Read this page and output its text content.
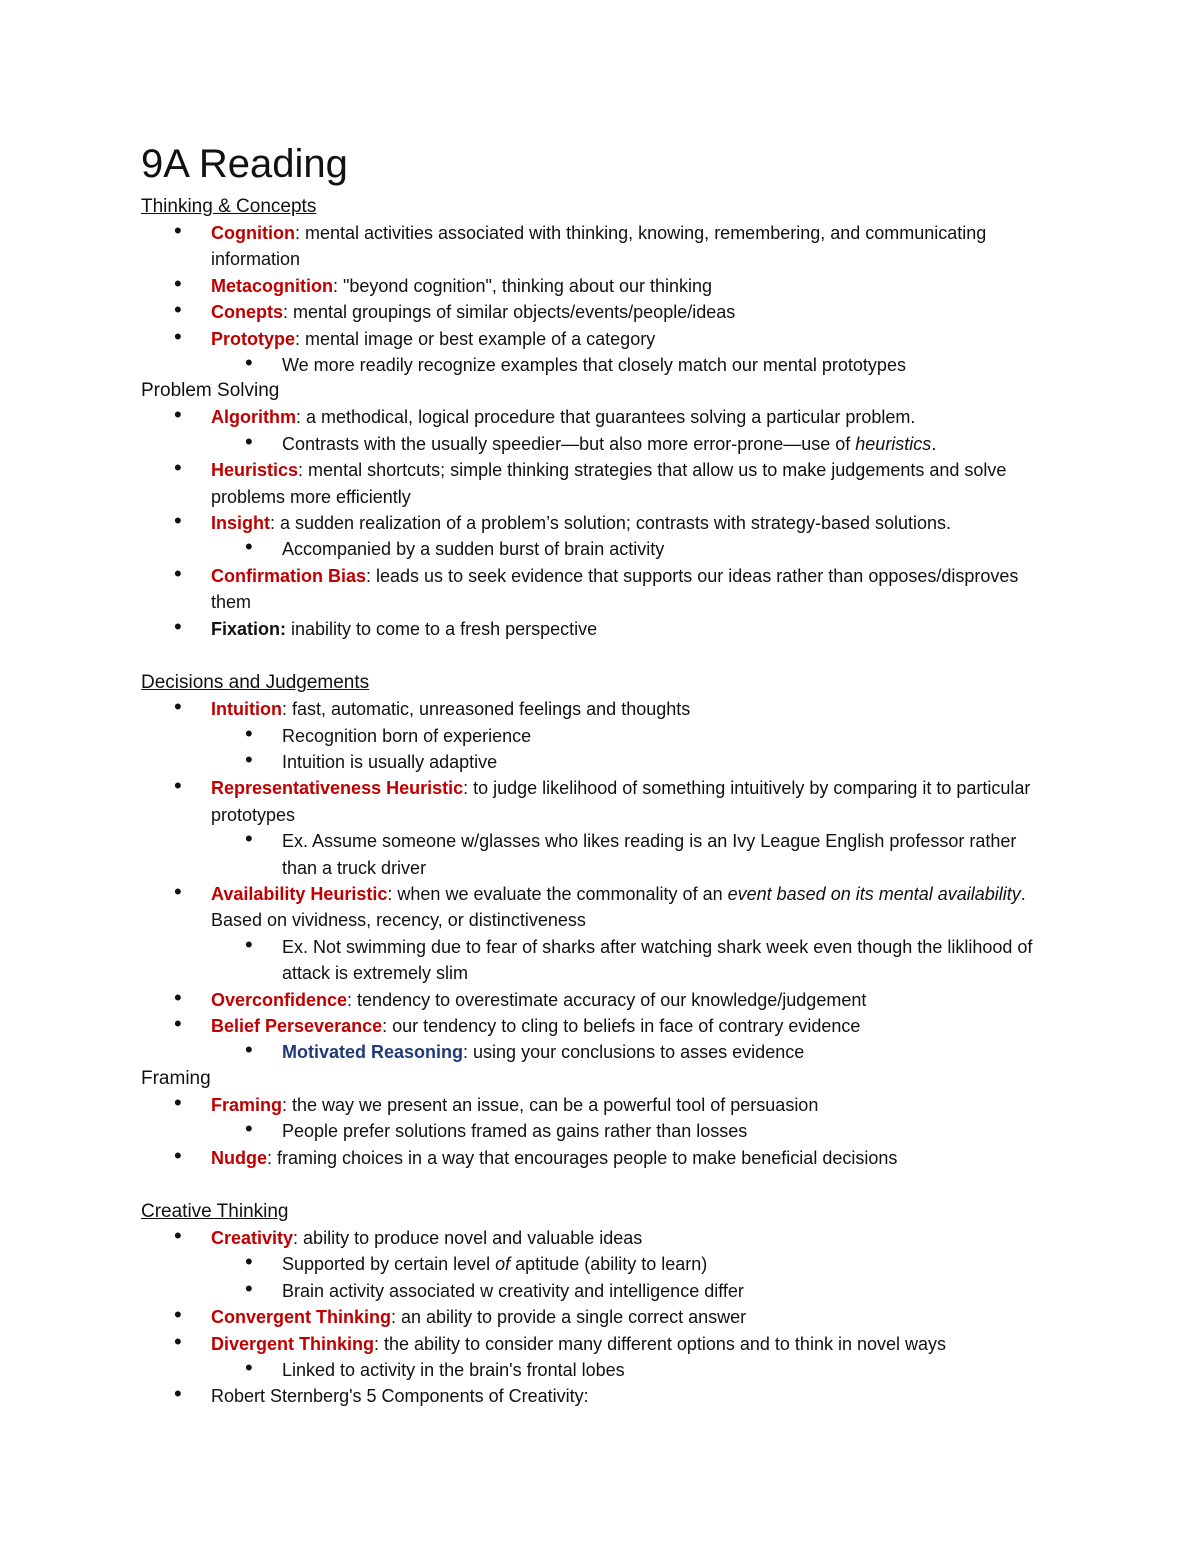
9A Reading
Thinking & Concepts
• Cognition: mental activities associated with thinking, knowing, remembering, and communicating information
• Metacognition: "beyond cognition", thinking about our thinking
• Conepts: mental groupings of similar objects/events/people/ideas
• Prototype: mental image or best example of a category
• We more readily recognize examples that closely match our mental prototypes
Problem Solving
• Algorithm: a methodical, logical procedure that guarantees solving a particular problem.
• Contrasts with the usually speedier—but also more error-prone—use of heuristics.
• Heuristics: mental shortcuts; simple thinking strategies that allow us to make judgements and solve problems more efficiently
• Insight: a sudden realization of a problem’s solution; contrasts with strategy-based solutions.
• Accompanied by a sudden burst of brain activity
• Confirmation Bias: leads us to seek evidence that supports our ideas rather than opposes/disproves them
• Fixation: inability to come to a fresh perspective
Decisions and Judgements
• Intuition: fast, automatic, unreasoned feelings and thoughts
• Recognition born of experience
• Intuition is usually adaptive
• Representativeness Heuristic: to judge likelihood of something intuitively by comparing it to particular prototypes
• Ex. Assume someone w/glasses who likes reading is an Ivy League English professor rather than a truck driver
• Availability Heuristic: when we evaluate the commonality of an event based on its mental availability. Based on vividness, recency, or distinctiveness
• Ex. Not swimming due to fear of sharks after watching shark week even though the liklihood of attack is extremely slim
• Overconfidence: tendency to overestimate accuracy of our knowledge/judgement
• Belief Perseverance: our tendency to cling to beliefs in face of contrary evidence
• Motivated Reasoning: using your conclusions to asses evidence
Framing
• Framing: the way we present an issue, can be a powerful tool of persuasion
• People prefer solutions framed as gains rather than losses
• Nudge: framing choices in a way that encourages people to make beneficial decisions
Creative Thinking
• Creativity: ability to produce novel and valuable ideas
• Supported by certain level of aptitude (ability to learn)
• Brain activity associated w creativity and intelligence differ
• Convergent Thinking: an ability to provide a single correct answer
• Divergent Thinking: the ability to consider many different options and to think in novel ways
• Linked to activity in the brain's frontal lobes
• Robert Sternberg's 5 Components of Creativity:
